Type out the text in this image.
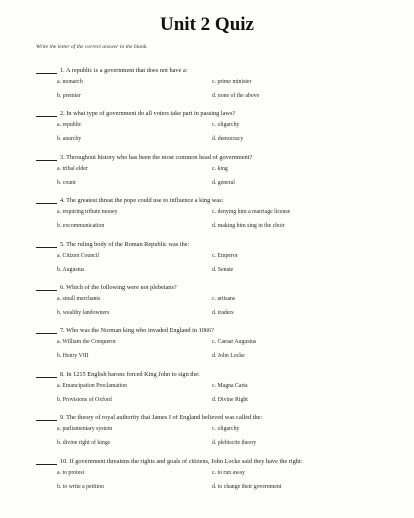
Unit 2 Quiz
Write the letter of the correct answer in the blank.
1. A republic is a government that does not have a:
a. monarch
b. premier
c. prime minister
d. none of the above
2. In what type of government do all voters take part in passing laws?
a. republic
b. anarchy
c. oligarchy
d. democracy
3. Throughout history who has been the most common head of government?
a. tribal elder
b. count
c. king
d. general
4. The greatest threat the pope could use to influence a king was:
a. requiring tribute money
b. excommunication
c. denying him a marriage license
d. making him sing in the choir
5. The ruling body of the Roman Republic was the:
a. Citizen Council
b. Augustus
c. Emperor
d. Senate
6. Which of the following were not plebeians?
a. small merchants
b. wealthy landowners
c. artisans
d. traders
7. Who was the Norman king who invaded England in 1066?
a. William the Conqueror
b. Henry VIII
c. Caesar Augustus
d. John Locke
8. In 1215 English barons forced King John to sign the:
a. Emancipation Proclamation
b. Provisions of Oxford
c. Magna Carta
d. Divine Right
9. The theory of royal authority that James I of England believed was called the:
a. parliamentary system
b. divine right of kings
c. oligarchy
d. plebiscite theory
10. If government threatens the rights and goals of citizens, John Locke said they have the right:
a. to protest
b. to write a petition
c. to run away
d. to change their government
